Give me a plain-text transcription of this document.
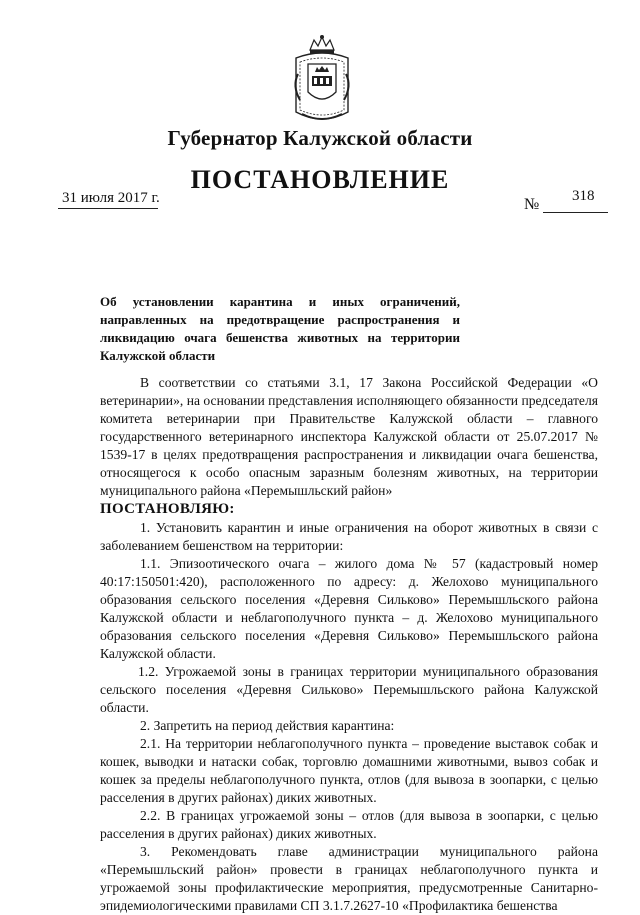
Губернатор Калужской области
ПОСТАНОВЛЕНИЕ
31 июля 2017 г.	№ 318
Об установлении карантина и иных ограничений, направленных на предотвращение распространения и ликвидацию очага бешенства животных на территории Калужской области

В соответствии со статьями 3.1, 17 Закона Российской Федерации «О ветеринарии», на основании представления исполняющего обязанности председателя комитета ветеринарии при Правительстве Калужской области – главного государственного ветеринарного инспектора Калужской области от 25.07.2017 № 1539-17 в целях предотвращения распространения и ликвидации очага бешенства, относящегося к особо опасным заразным болезням животных, на территории муниципального района «Перемышльский район»

ПОСТАНОВЛЯЮ:

1. Установить карантин и иные ограничения на оборот животных в связи с заболеванием бешенством на территории:

1.1. Эпизоотического очага – жилого дома № 57 (кадастровый номер 40:17:150501:420), расположенного по адресу: д. Желохово муниципального образования сельского поселения «Деревня Сильково» Перемышльского района Калужской области и неблагополучного пункта – д. Желохово муниципального образования сельского поселения «Деревня Сильково» Перемышльского района Калужской области.

1.2. Угрожаемой зоны в границах территории муниципального образования сельского поселения «Деревня Сильково» Перемышльского района Калужской области.

2. Запретить на период действия карантина:

2.1. На территории неблагополучного пункта – проведение выставок собак и кошек, выводки и натаски собак, торговлю домашними животными, вывоз собак и кошек за пределы неблагополучного пункта, отлов (для вывоза в зоопарки, с целью расселения в других районах) диких животных.

2.2. В границах угрожаемой зоны – отлов (для вывоза в зоопарки, с целью расселения в других районах) диких животных.

3. Рекомендовать главе администрации муниципального района «Перемышльский район» провести в границах неблагополучного пункта и угрожаемой зоны профилактические мероприятия, предусмотренные Санитарно-эпидемиологическими правилами СП 3.1.7.2627-10 «Профилактика бешенства
